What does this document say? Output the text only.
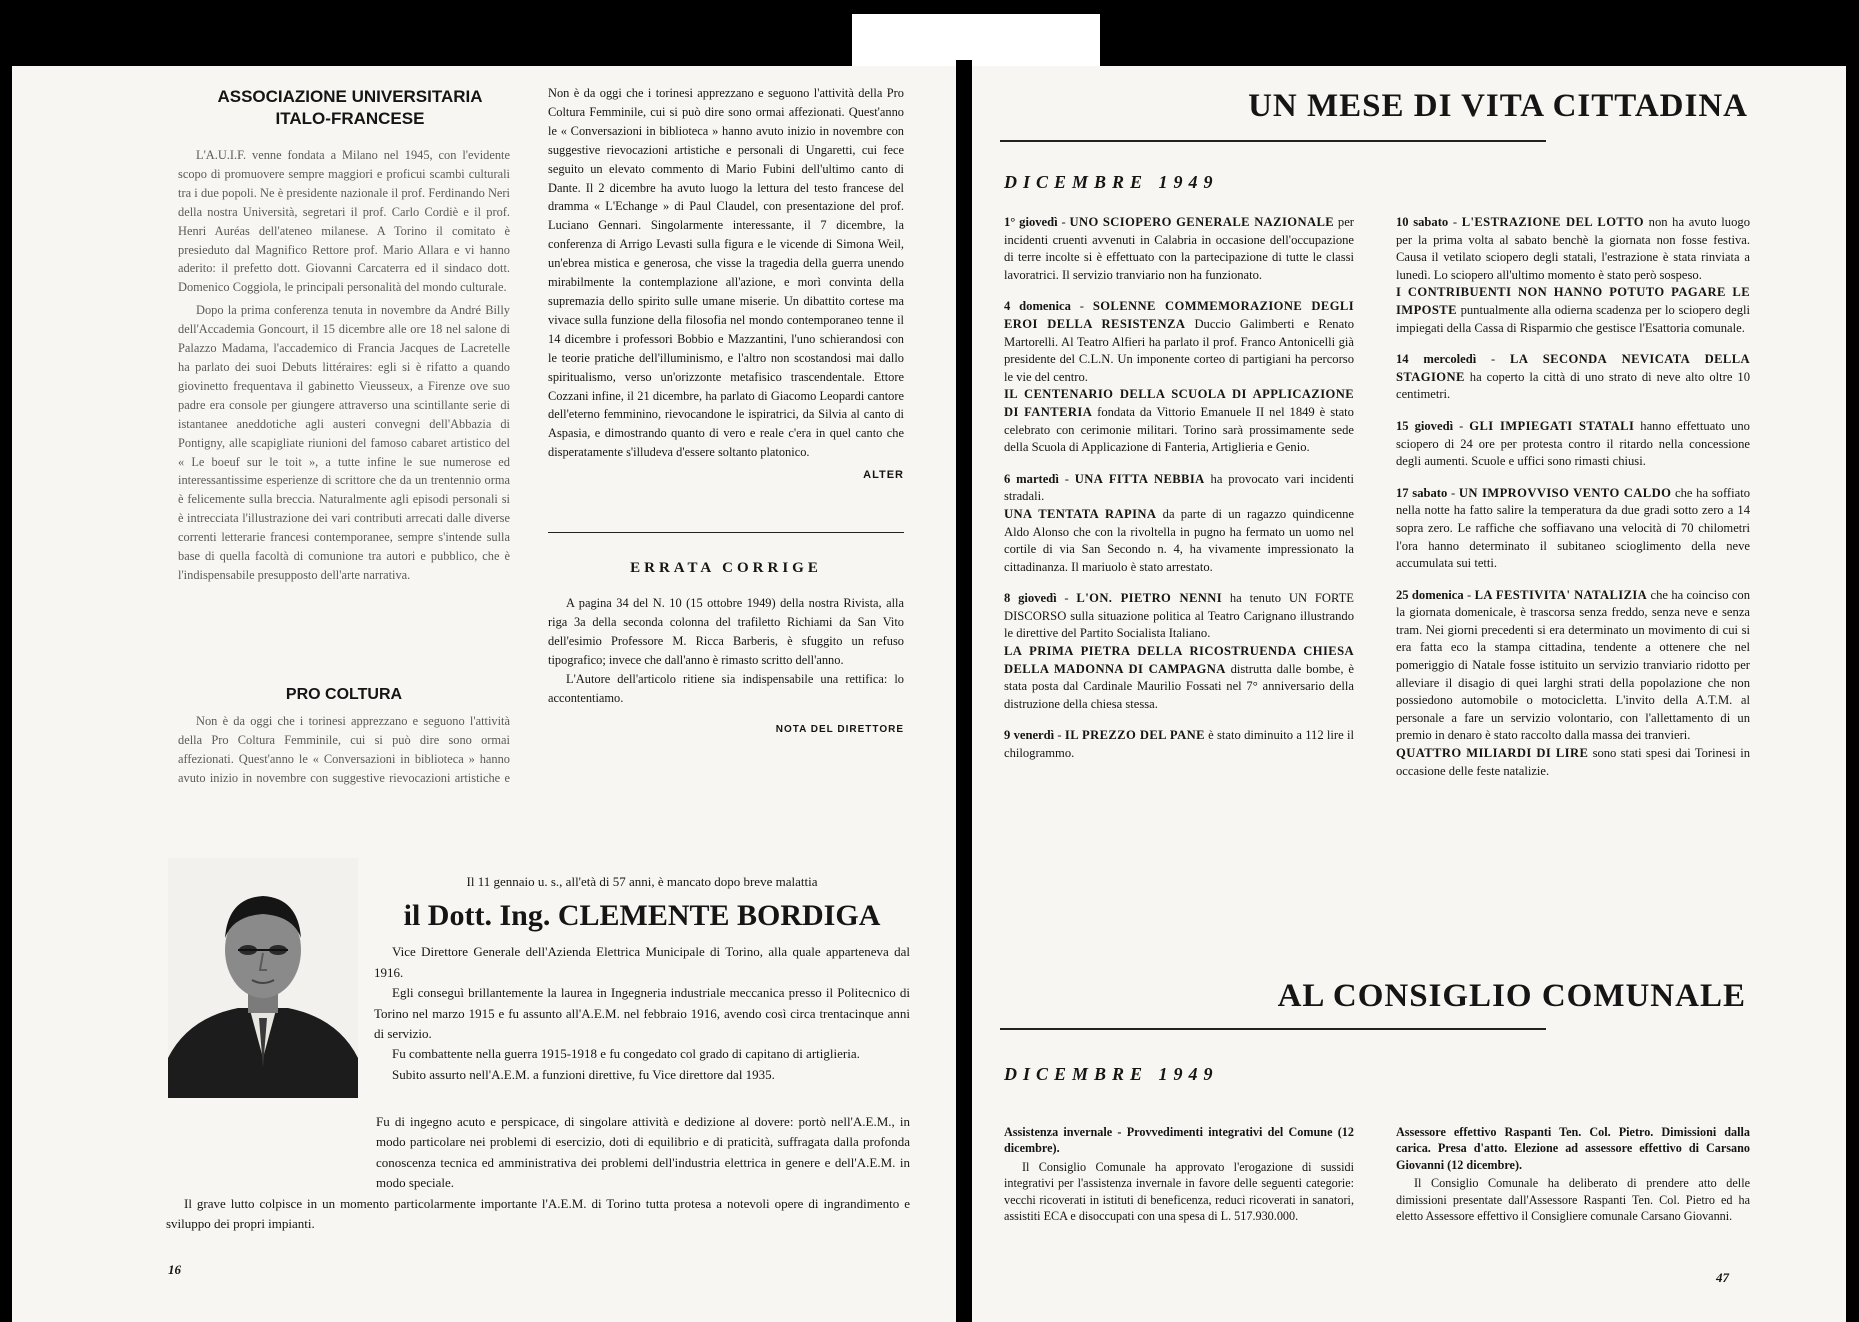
ASSOCIAZIONE UNIVERSITARIA
ITALO-FRANCESE

L'A.U.I.F. venne fondata a Milano nel 1945, con l'evidente scopo di promuovere sempre maggiori e proficui scambi culturali tra i due popoli. Ne è presidente nazionale il prof. Ferdinando Neri della nostra Università, segretari il prof. Carlo Cordiè e il prof. Henri Auréas dell'ateneo milanese. A Torino il comitato è presieduto dal Magnifico Rettore prof. Mario Allara e vi hanno aderito: il prefetto dott. Giovanni Carcaterra ed il sindaco dott. Domenico Coggiola, le principali personalità del mondo culturale.

Dopo la prima conferenza tenuta in novembre da André Billy dell'Accademia Goncourt, il 15 dicembre alle ore 18 nel salone di Palazzo Madama, l'accademico di Francia Jacques de Lacretelle ha parlato dei suoi Debuts littéraires: egli si è rifatto a quando giovinetto frequentava il gabinetto Vieusseux, a Firenze ove suo padre era console per giungere attraverso una scintillante serie di istantanee aneddotiche agli austeri convegni dell'Abbazia di Pontigny, alle scapigliate riunioni del famoso cabaret artistico del « Le boeuf sur le toit », a tutte infine le sue numerose ed interessantissime esperienze di scrittore che da un trentennio orma è felicemente sulla breccia. Naturalmente agli episodi personali si è intrecciata l'illustrazione dei vari contributi arrecati dalle diverse correnti letterarie francesi contemporanee, sempre s'intende sulla base di quella facoltà di comunione tra autori e pubblico, che è l'indispensabile presupposto dell'arte narrativa.

PRO COLTURA

Non è da oggi che i torinesi apprezzano e seguono l'attività della Pro Coltura Femminile, cui si può dire sono ormai affezionati. Quest'anno le « Conversazioni in biblioteca » hanno avuto inizio in novembre con suggestive rievocazioni artistiche e

Non è da oggi che i torinesi apprezzano e seguono l'attività della Pro Coltura Femminile, cui si può dire sono ormai affezionati. Quest'anno le « Conversazioni in biblioteca » hanno avuto inizio in novembre con suggestive rievocazioni artistiche e personali di Ungaretti, cui fece seguito un elevato commento di Mario Fubini dell'ultimo canto di Dante. Il 2 dicembre ha avuto luogo la lettura del testo francese del dramma « L'Echange » di Paul Claudel, con presentazione del prof. Luciano Gennari. Singolarmente interessante, il 7 dicembre, la conferenza di Arrigo Levasti sulla figura e le vicende di Simona Weil, un'ebrea mistica e generosa, che visse la tragedia della guerra unendo mirabilmente la contemplazione all'azione, e morì convinta della supremazia dello spirito sulle umane miserie. Un dibattito cortese ma vivace sulla funzione della filosofia nel mondo contemporaneo tenne il 14 dicembre i professori Bobbio e Mazzantini, l'uno schierandosi con le teorie pratiche dell'illuminismo, e l'altro non scostandosi mai dallo spiritualismo, verso un'orizzonte metafisico trascendentale. Ettore Cozzani infine, il 21 dicembre, ha parlato di Giacomo Leopardi cantore dell'eterno femminino, rievocandone le ispiratrici, da Silvia al canto di Aspasia, e dimostrando quanto di vero e reale c'era in quel canto che disperatamente s'illudeva d'essere soltanto platonico.

ALTER
ERRATA CORRIGE

A pagina 34 del N. 10 (15 ottobre 1949) della nostra Rivista, alla riga 3a della seconda colonna del trafiletto Richiami da San Vito dell'esimio Professore M. Ricca Barberis, è sfuggito un refuso tipografico; invece che dall'anno è rimasto scritto dell'anno.

L'Autore dell'articolo ritiene sia indispensabile una rettifica: lo accontentiamo.

NOTA DEL DIRETTORE
Il 11 gennaio u. s., all'età di 57 anni, è mancato dopo breve malattia
il Dott. Ing. CLEMENTE BORDIGA

Vice Direttore Generale dell'Azienda Elettrica Municipale di Torino, alla quale apparteneva dal 1916.

Egli conseguì brillantemente la laurea in Ingegneria industriale meccanica presso il Politecnico di Torino nel marzo 1915 e fu assunto all'A.E.M. nel febbraio 1916, avendo così circa trentacinque anni di servizio.

Fu combattente nella guerra 1915-1918 e fu congedato col grado di capitano di artiglieria.

Subito assurto nell'A.E.M. a funzioni direttive, fu Vice direttore dal 1935.

Fu di ingegno acuto e perspicace, di singolare attività e dedizione al dovere: portò nell'A.E.M., in modo particolare nei problemi di esercizio, doti di equilibrio e di praticità, suffragata dalla profonda conoscenza tecnica ed amministrativa dei problemi dell'industria elettrica in genere e dell'A.E.M. in modo speciale.

Il grave lutto colpisce in un momento particolarmente importante l'A.E.M. di Torino tutta protesa a notevoli opere di ingrandimento e sviluppo dei propri impianti.

16
UN MESE DI VITA CITTADINA
DICEMBRE 1949
1° giovedì - UNO SCIOPERO GENERALE NAZIONALE per incidenti cruenti avvenuti in Calabria in occasione dell'occupazione di terre incolte si è effettuato con la partecipazione di tutte le classi lavoratrici. Il servizio tranviario non ha funzionato.
4 domenica - SOLENNE COMMEMORAZIONE DEGLI EROI DELLA RESISTENZA Duccio Galimberti e Renato Martorelli. Al Teatro Alfieri ha parlato il prof. Franco Antonicelli già presidente del C.L.N. Un imponente corteo di partigiani ha percorso le vie del centro.
IL CENTENARIO DELLA SCUOLA DI APPLICAZIONE DI FANTERIA fondata da Vittorio Emanuele II nel 1849 è stato celebrato con cerimonie militari. Torino sarà prossimamente sede della Scuola di Applicazione di Fanteria, Artiglieria e Genio.
6 martedì - UNA FITTA NEBBIA ha provocato vari incidenti stradali.
UNA TENTATA RAPINA da parte di un ragazzo quindicenne Aldo Alonso che con la rivoltella in pugno ha fermato un uomo nel cortile di via San Secondo n. 4, ha vivamente impressionato la cittadinanza. Il mariuolo è stato arrestato.
8 giovedì - L'ON. PIETRO NENNI ha tenuto UN FORTE DISCORSO sulla situazione politica al Teatro Carignano illustrando le direttive del Partito Socialista Italiano.
LA PRIMA PIETRA DELLA RICOSTRUENDA CHIESA DELLA MADONNA DI CAMPAGNA distrutta dalle bombe, è stata posta dal Cardinale Maurilio Fossati nel 7° anniversario della distruzione della chiesa stessa.
9 venerdì - IL PREZZO DEL PANE è stato diminuito a 112 lire il chilogrammo.
10 sabato - L'ESTRAZIONE DEL LOTTO non ha avuto luogo per la prima volta al sabato benchè la giornata non fosse festiva. Causa il vetilato sciopero degli statali, l'estrazione è stata rinviata a lunedì. Lo sciopero all'ultimo momento è stato però sospeso.
I CONTRIBUENTI NON HANNO POTUTO PAGARE LE IMPOSTE puntualmente alla odierna scadenza per lo sciopero degli impiegati della Cassa di Risparmio che gestisce l'Esattoria comunale.
14 mercoledì - LA SECONDA NEVICATA DELLA STAGIONE ha coperto la città di uno strato di neve alto oltre 10 centimetri.
15 giovedì - GLI IMPIEGATI STATALI hanno effettuato uno sciopero di 24 ore per protesta contro il ritardo nella concessione degli aumenti. Scuole e uffici sono rimasti chiusi.
17 sabato - UN IMPROVVISO VENTO CALDO che ha soffiato nella notte ha fatto salire la temperatura da due gradi sotto zero a 14 sopra zero. Le raffiche che soffiavano una velocità di 70 chilometri l'ora hanno determinato il subitaneo scioglimento della neve accumulata sui tetti.
25 domenica - LA FESTIVITA' NATALIZIA che ha coinciso con la giornata domenicale, è trascorsa senza freddo, senza neve e senza tram. Nei giorni precedenti si era determinato un movimento di cui si era fatta eco la stampa cittadina, tendente a ottenere che nel pomeriggio di Natale fosse istituito un servizio tranviario ridotto per alleviare il disagio di quei larghi strati della popolazione che non possiedono automobile o motocicletta. L'invito della A.T.M. al personale a fare un servizio volontario, con l'allettamento di un premio in denaro è stato raccolto dalla massa dei tranvieri.
QUATTRO MILIARDI DI LIRE sono stati spesi dai Torinesi in occasione delle feste natalizie.
AL CONSIGLIO COMUNALE
DICEMBRE 1949
Assistenza invernale - Provvedimenti integrativi del Comune (12 dicembre).

Il Consiglio Comunale ha approvato l'erogazione di sussidi integrativi per l'assistenza invernale in favore delle seguenti categorie: vecchi ricoverati in istituti di beneficenza, reduci ricoverati in sanatori, assistiti ECA e disoccupati con una spesa di L. 517.930.000.

Assessore effettivo Raspanti Ten. Col. Pietro. Dimissioni dalla carica. Presa d'atto. Elezione ad assessore effettivo di Carsano Giovanni (12 dicembre).

Il Consiglio Comunale ha deliberato di prendere atto delle dimissioni presentate dall'Assessore Raspanti Ten. Col. Pietro ed ha eletto Assessore effettivo il Consigliere comunale Carsano Giovanni.

47
